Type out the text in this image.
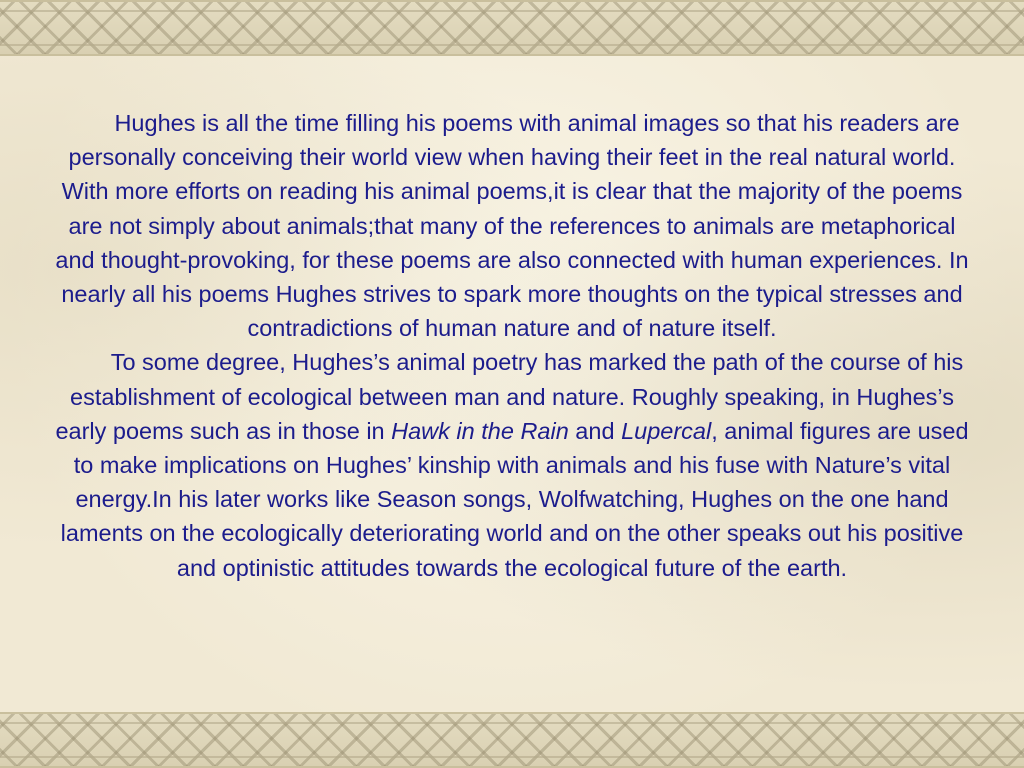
Hughes is all the time filling his poems with animal images so that his readers are personally conceiving their world view when having their feet in the real natural world. With more efforts on reading his animal poems,it is clear that the majority of the poems are not simply about animals;that many of the references to animals are metaphorical and thought-provoking, for these poems are also connected with human experiences. In nearly all his poems Hughes strives to spark more thoughts on the typical stresses and contradictions of human nature and of nature itself.

To some degree, Hughes’s animal poetry has marked the path of the course of his establishment of ecological between man and nature. Roughly speaking, in Hughes’s early poems such as in those in Hawk in the Rain and Lupercal, animal figures are used to make implications on Hughes’ kinship with animals and his fuse with Nature’s vital energy.In his later works like Season songs, Wolfwatching, Hughes on the one hand laments on the ecologically deteriorating world and on the other speaks out his positive and optinistic attitudes towards the ecological future of the earth.
